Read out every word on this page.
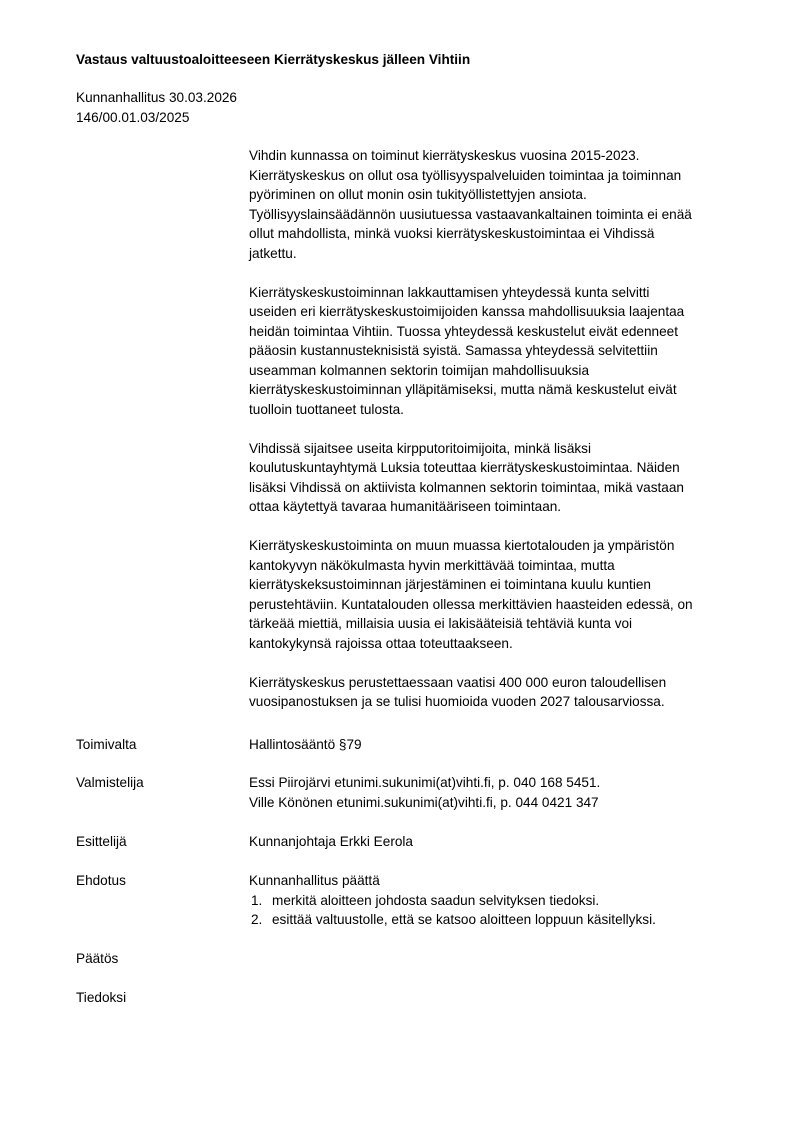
Vastaus valtuustoaloitteeseen Kierrätyskeskus jälleen Vihtiin
Kunnanhallitus 30.03.2026
146/00.01.03/2025

Vihdin kunnassa on toiminut kierrätyskeskus vuosina 2015-2023.
Kierrätyskeskus on ollut osa työllisyyspalveluiden toimintaa ja toiminnan
pyöriminen on ollut monin osin tukityöllistettyjen ansiota.
Työllisyyslainsäädännön uusiutuessa vastaavankaltainen toiminta ei enää
ollut mahdollista, minkä vuoksi kierrätyskeskustoimintaa ei Vihdissä
jatkettu.

Kierrätyskeskustoiminnan lakkauttamisen yhteydessä kunta selvitti
useiden eri kierrätyskeskustoimijoiden kanssa mahdollisuuksia laajentaa
heidän toimintaa Vihtiin. Tuossa yhteydessä keskustelut eivät edenneet
pääosin kustannusteknisistä syistä. Samassa yhteydessä selvitettiin
useamman kolmannen sektorin toimijan mahdollisuuksia
kierrätyskeskustoiminnan ylläpitämiseksi, mutta nämä keskustelut eivät
tuolloin tuottaneet tulosta.

Vihdissä sijaitsee useita kirpputoritoimijoita, minkä lisäksi
koulutuskuntayhtymä Luksia toteuttaa kierrätyskeskustoimintaa. Näiden
lisäksi Vihdissä on aktiivista kolmannen sektorin toimintaa, mikä vastaan
ottaa käytettyä tavaraa humanitääriseen toimintaan.

Kierrätyskeskustoiminta on muun muassa kiertotalouden ja ympäristön
kantokyvyn näkökulmasta hyvin merkittävää toimintaa, mutta
kierrätyskeksustoiminnan järjestäminen ei toimintana kuulu kuntien
perustehtäviin. Kuntatalouden ollessa merkittävien haasteiden edessä, on
tärkeää miettiä, millaisia uusia ei lakisääteisiä tehtäviä kunta voi
kantokykynsä rajoissa ottaa toteuttaakseen.

Kierrätyskeskus perustettaessaan vaatisi 400 000 euron taloudellisen
vuosipanostuksen ja se tulisi huomioida vuoden 2027 talousarviossa.

Toimivalta	Hallintosääntö §79
Valmistelija	Essi Piirojärvi etunimi.sukunimi(at)vihti.fi, p. 040 168 5451.
Ville Könönen etunimi.sukunimi(at)vihti.fi, p. 044 0421 347
Esittelijä	Kunnanjohtaja Erkki Eerola
Ehdotus	Kunnanhallitus päättä
1. merkitä aloitteen johdosta saadun selvityksen tiedoksi.
2. esittää valtuustolle, että se katsoo aloitteen loppuun käsitellyksi.
Päätös
Tiedoksi
